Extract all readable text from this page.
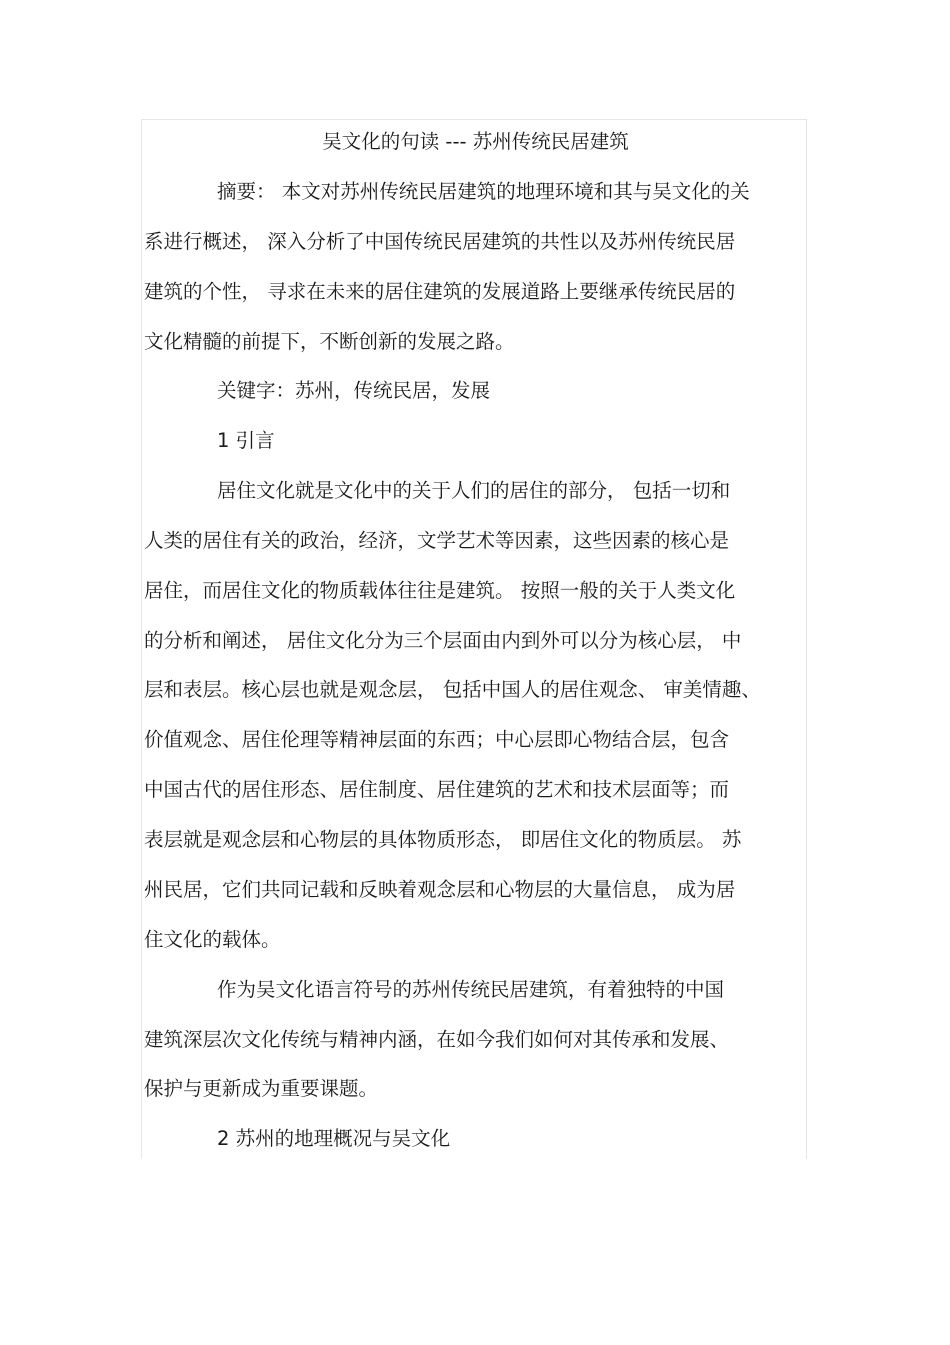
吴文化的句读 --- 苏州传统民居建筑
摘要： 本文对苏州传统民居建筑的地理环境和其与吴文化的关
系进行概述， 深入分析了中国传统民居建筑的共性以及苏州传统民居
建筑的个性， 寻求在未来的居住建筑的发展道路上要继承传统民居的
文化精髓的前提下，不断创新的发展之路。
关键字：苏州，传统民居，发展
1 引言
居住文化就是文化中的关于人们的居住的部分， 包括一切和
人类的居住有关的政治，经济，文学艺术等因素，这些因素的核心是
居住，而居住文化的物质载体往往是建筑。 按照一般的关于人类文化
的分析和阐述， 居住文化分为三个层面由内到外可以分为核心层， 中
层和表层。核心层也就是观念层， 包括中国人的居住观念、 审美情趣、
价值观念、居住伦理等精神层面的东西；中心层即心物结合层，包含
中国古代的居住形态、居住制度、居住建筑的艺术和技术层面等；而
表层就是观念层和心物层的具体物质形态， 即居住文化的物质层。 苏
州民居，它们共同记载和反映着观念层和心物层的大量信息， 成为居
住文化的载体。
作为吴文化语言符号的苏州传统民居建筑，有着独特的中国
建筑深层次文化传统与精神内涵，在如今我们如何对其传承和发展、
保护与更新成为重要课题。
2 苏州的地理概况与吴文化
